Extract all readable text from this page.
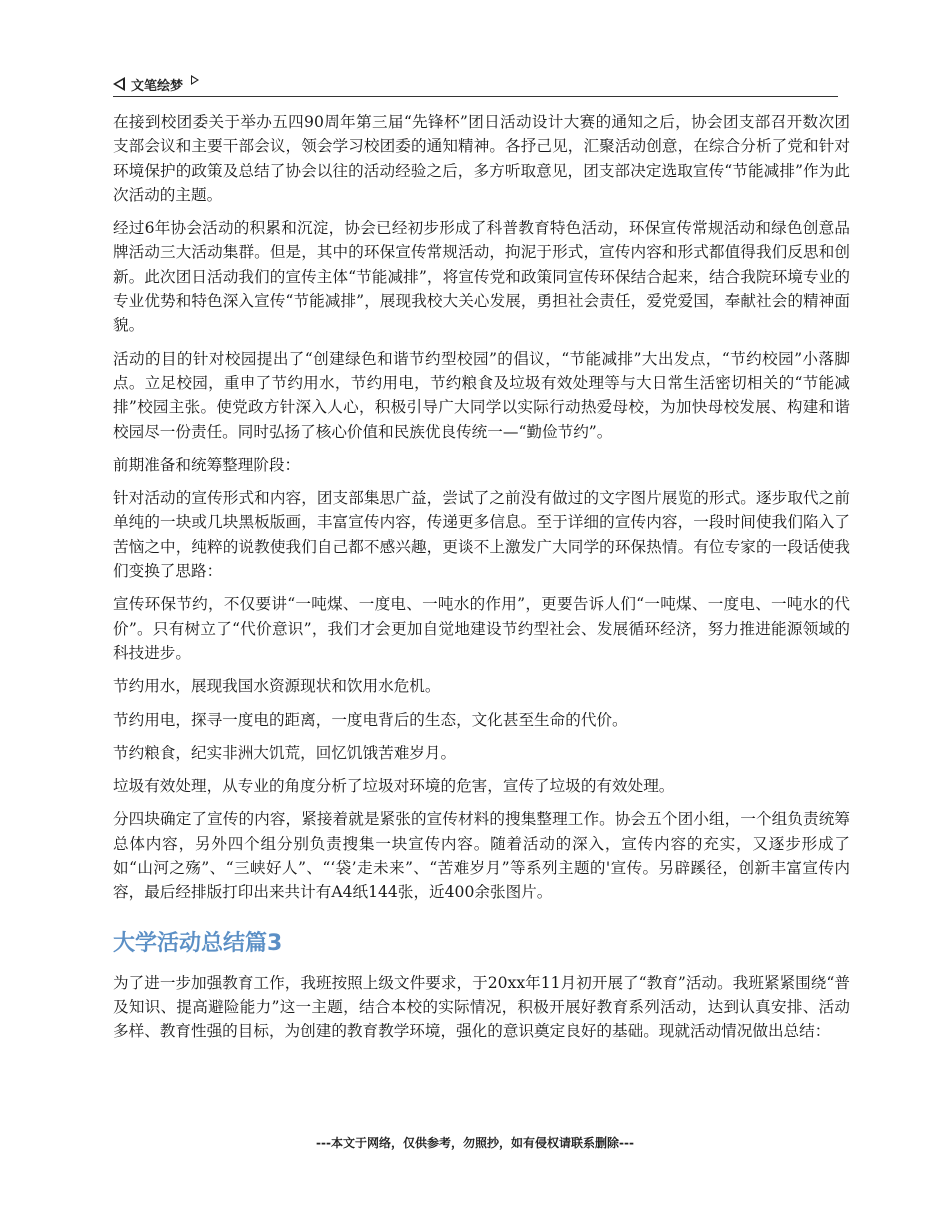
文笔绘梦

在接到校团委关于举办五四90周年第三届“先锋杯”团日活动设计大赛的通知之后，协会团支部召开数次团支部会议和主要干部会议，领会学习校团委的通知精神。各抒己见，汇聚活动创意，在综合分析了党和针对环境保护的政策及总结了协会以往的活动经验之后，多方听取意见，团支部决定选取宣传“节能减排”作为此次活动的主题。

经过6年协会活动的积累和沉淀，协会已经初步形成了科普教育特色活动，环保宣传常规活动和绿色创意品牌活动三大活动集群。但是，其中的环保宣传常规活动，拘泥于形式，宣传内容和形式都值得我们反思和创新。此次团日活动我们的宣传主体“节能减排”，将宣传党和政策同宣传环保结合起来，结合我院环境专业的专业优势和特色深入宣传“节能减排”，展现我校大关心发展，勇担社会责任，爱党爱国，奉献社会的精神面貌。

活动的目的针对校园提出了“创建绿色和谐节约型校园”的倡议，“节能减排”大出发点，“节约校园”小落脚点。立足校园，重申了节约用水，节约用电，节约粮食及垃圾有效处理等与大日常生活密切相关的“节能减排”校园主张。使党政方针深入人心，积极引导广大同学以实际行动热爱母校，为加快母校发展、构建和谐校园尽一份责任。同时弘扬了核心价值和民族优良传统一—“勤俭节约”。

前期准备和统筹整理阶段：

针对活动的宣传形式和内容，团支部集思广益，尝试了之前没有做过的文字图片展览的形式。逐步取代之前单纯的一块或几块黑板版画，丰富宣传内容，传递更多信息。至于详细的宣传内容，一段时间使我们陷入了苦恼之中，纯粹的说教使我们自己都不感兴趣，更谈不上激发广大同学的环保热情。有位专家的一段话使我们变换了思路：

宣传环保节约，不仅要讲“一吨煤、一度电、一吨水的作用”，更要告诉人们“一吨煤、一度电、一吨水的代价”。只有树立了“代价意识”，我们才会更加自觉地建设节约型社会、发展循环经济，努力推进能源领域的科技进步。

节约用水，展现我国水资源现状和饮用水危机。

节约用电，探寻一度电的距离，一度电背后的生态，文化甚至生命的代价。

节约粮食，纪实非洲大饥荒，回忆饥饿苦难岁月。

垃圾有效处理，从专业的角度分析了垃圾对环境的危害，宣传了垃圾的有效处理。

分四块确定了宣传的内容，紧接着就是紧张的宣传材料的搜集整理工作。协会五个团小组，一个组负责统筹总体内容，另外四个组分别负责搜集一块宣传内容。随着活动的深入，宣传内容的充实，又逐步形成了如“山河之殇”、“三峡好人”、“‘袋’走未来”、“苦难岁月”等系列主题的'宣传。另辟蹊径，创新丰富宣传内容，最后经排版打印出来共计有A4纸144张，近400余张图片。

大学活动总结篇3

为了进一步加强教育工作，我班按照上级文件要求，于20xx年11月初开展了“教育”活动。我班紧紧围绕“普及知识、提高避险能力”这一主题，结合本校的实际情况，积极开展好教育系列活动，达到认真安排、活动多样、教育性强的目标，为创建的教育教学环境，强化的意识奠定良好的基础。现就活动情况做出总结：

---本文于网络，仅供参考，勿照抄，如有侵权请联系删除---
